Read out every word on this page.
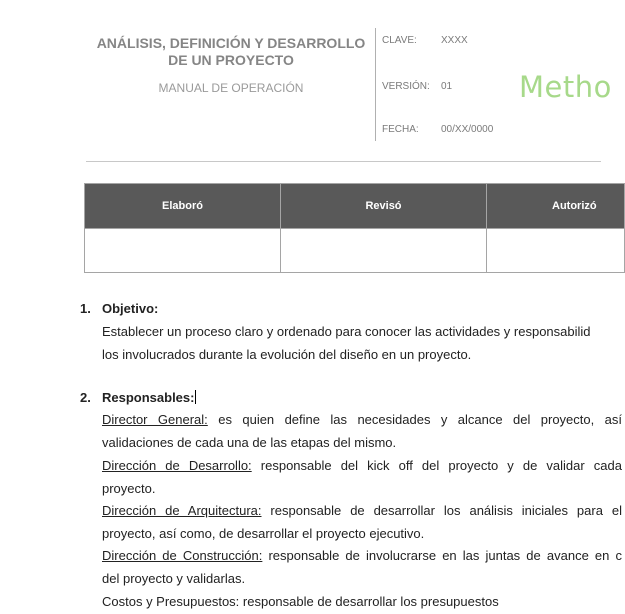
ANÁLISIS, DEFINICIÓN Y DESARROLLO
DE UN PROYECTO
MANUAL DE OPERACIÓN
CLAVE: XXXX
VERSIÓN: 01
FECHA: 00/XX/0000
Metho
Elaboró	Revisó	Autorizó

1. Objetivo:
Establecer un proceso claro y ordenado para conocer las actividades y responsabilid
los involucrados durante la evolución del diseño en un proyecto.
2. Responsables:
Director General: es quien define las necesidades y alcance del proyecto, así
validaciones de cada una de las etapas del mismo.
Dirección de Desarrollo: responsable del kick off del proyecto y de validar cada
proyecto.
Dirección de Arquitectura: responsable de desarrollar los análisis iniciales para el
proyecto, así como, de desarrollar el proyecto ejecutivo.
Dirección de Construcción: responsable de involucrarse en las juntas de avance en c
del proyecto y validarlas.
Costos y Presupuestos: responsable de desarrollar los presupuestos
